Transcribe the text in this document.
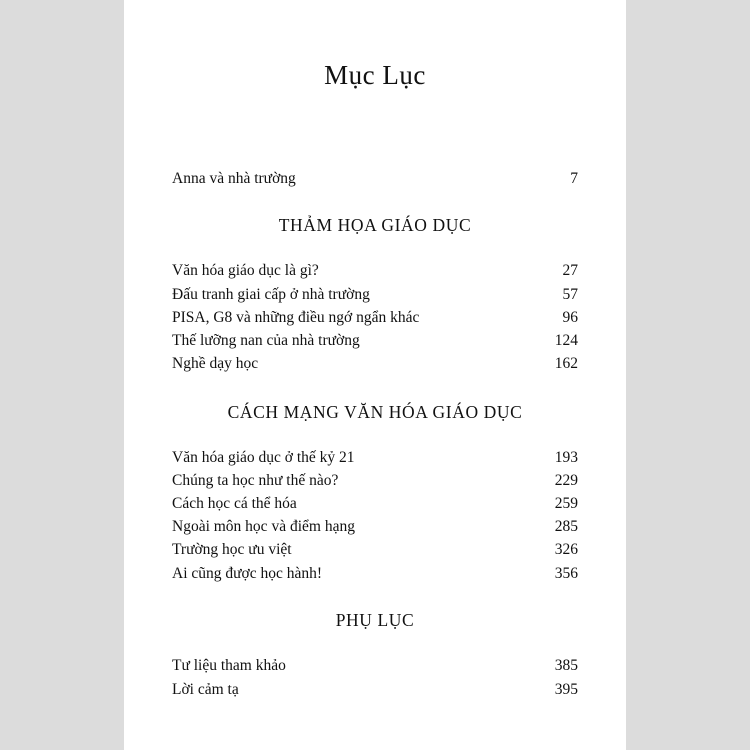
Mục Lục
Anna và nhà trường	7
THẢM HỌA GIÁO DỤC
Văn hóa giáo dục là gì?	27
Đấu tranh giai cấp ở nhà trường	57
PISA, G8 và những điều ngớ ngẩn khác	96
Thế lưỡng nan của nhà trường	124
Nghề dạy học	162
CÁCH MẠNG VĂN HÓA GIÁO DỤC
Văn hóa giáo dục ở thế kỷ 21	193
Chúng ta học như thế nào?	229
Cách học cá thể hóa	259
Ngoài môn học và điểm hạng	285
Trường học ưu việt	326
Ai cũng được học hành!	356
PHỤ LỤC
Tư liệu tham khảo	385
Lời cảm tạ	395
